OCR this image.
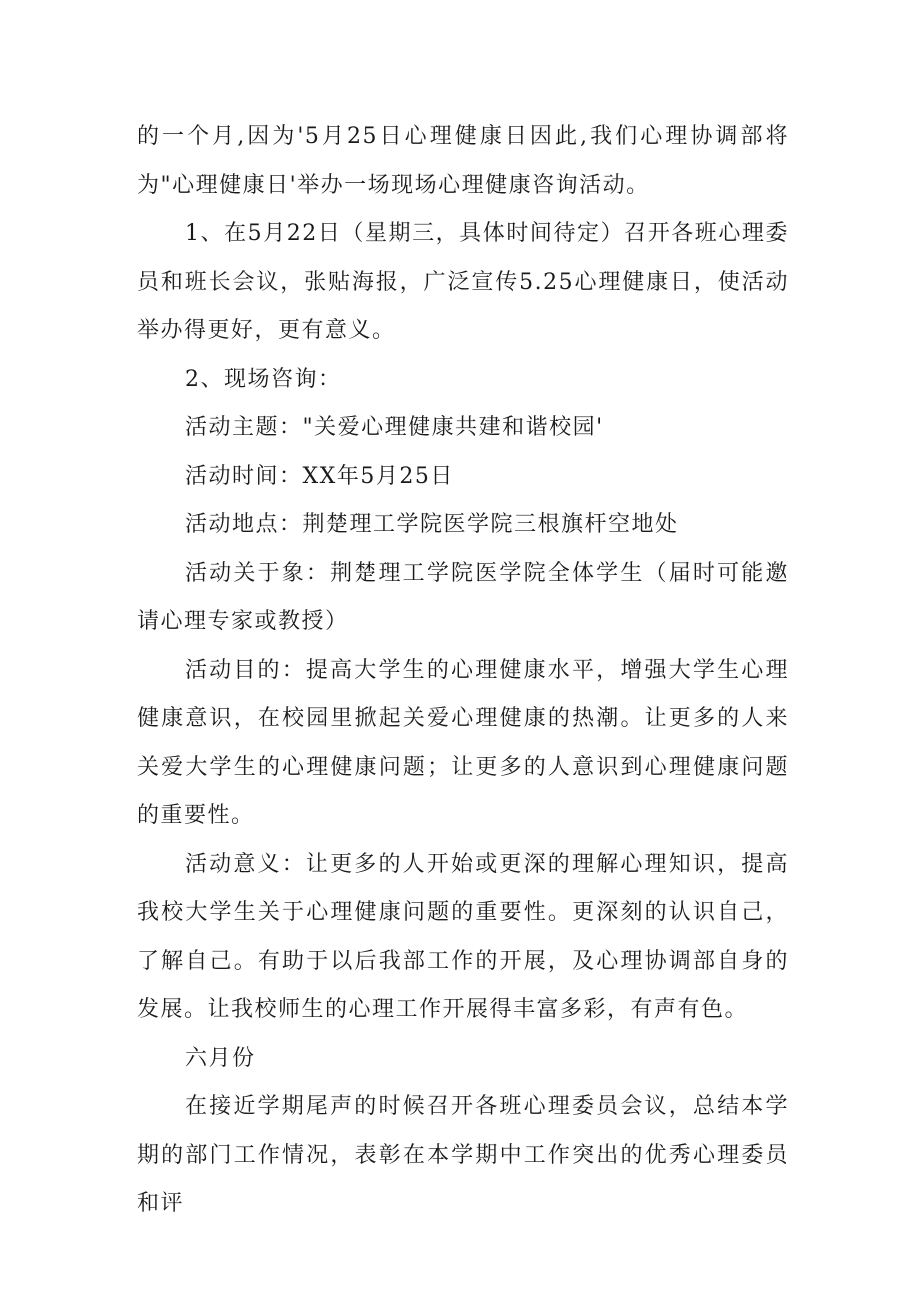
的一个月,因为'5月25日心理健康日因此,我们心理协调部将为"心理健康日'举办一场现场心理健康咨询活动。

1、在5月22日（星期三，具体时间待定）召开各班心理委员和班长会议，张贴海报，广泛宣传5.25心理健康日，使活动举办得更好，更有意义。

2、现场咨询：

活动主题："关爱心理健康共建和谐校园'

活动时间：XX年5月25日

活动地点：荆楚理工学院医学院三根旗杆空地处

活动关于象：荆楚理工学院医学院全体学生（届时可能邀请心理专家或教授）

活动目的：提高大学生的心理健康水平，增强大学生心理健康意识，在校园里掀起关爱心理健康的热潮。让更多的人来关爱大学生的心理健康问题；让更多的人意识到心理健康问题的重要性。

活动意义：让更多的人开始或更深的理解心理知识，提高我校大学生关于心理健康问题的重要性。更深刻的认识自己，了解自己。有助于以后我部工作的开展，及心理协调部自身的发展。让我校师生的心理工作开展得丰富多彩，有声有色。

六月份

在接近学期尾声的时候召开各班心理委员会议，总结本学期的部门工作情况，表彰在本学期中工作突出的优秀心理委员和评
